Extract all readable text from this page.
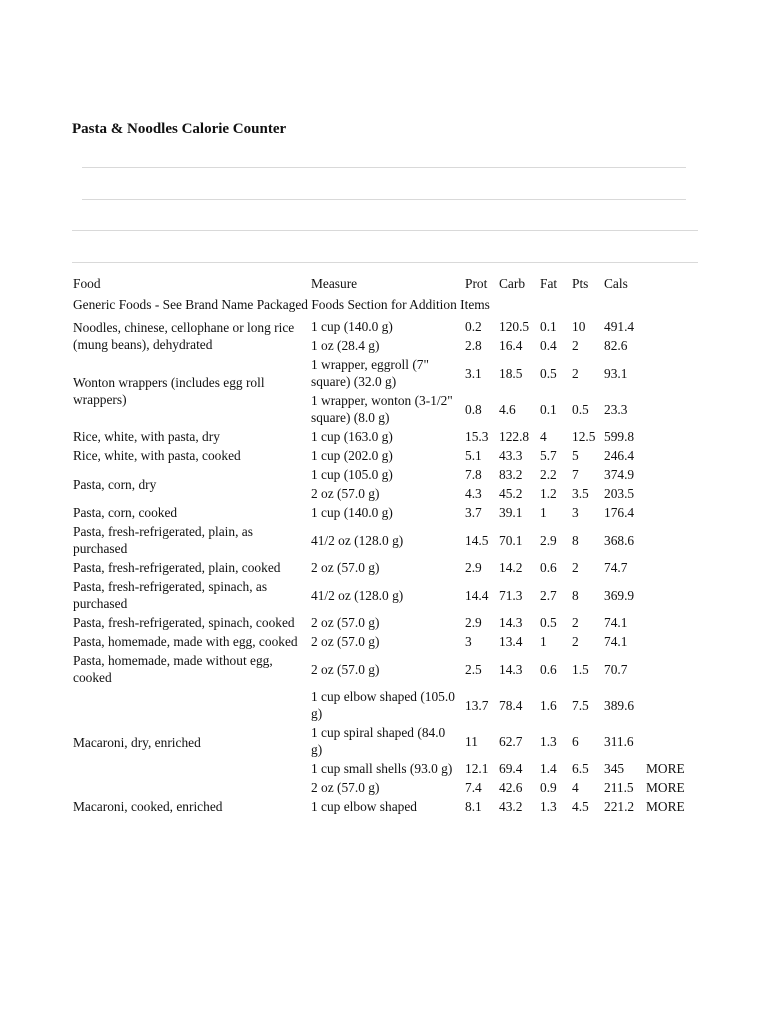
Pasta & Noodles Calorie Counter
Food	Measure	Prot	Carb	Fat	Pts	Cals	
Generic Foods - See Brand Name Packaged Foods Section for Addition Items							
Noodles, chinese, cellophane or long rice (mung beans), dehydrated	1 cup (140.0 g)	0.2	120.5	0.1	10	491.4	
	1 oz (28.4 g)	2.8	16.4	0.4	2	82.6	
Wonton wrappers (includes egg roll wrappers)	1 wrapper, eggroll (7" square) (32.0 g)	3.1	18.5	0.5	2	93.1	
	1 wrapper, wonton (3-1/2" square) (8.0 g)	0.8	4.6	0.1	0.5	23.3	
Rice, white, with pasta, dry	1 cup (163.0 g)	15.3	122.8	4	12.5	599.8	
Rice, white, with pasta, cooked	1 cup (202.0 g)	5.1	43.3	5.7	5	246.4	
Pasta, corn, dry	1 cup (105.0 g)	7.8	83.2	2.2	7	374.9	
	2 oz (57.0 g)	4.3	45.2	1.2	3.5	203.5	
Pasta, corn, cooked	1 cup (140.0 g)	3.7	39.1	1	3	176.4	
Pasta, fresh-refrigerated, plain, as purchased	41/2 oz (128.0 g)	14.5	70.1	2.9	8	368.6	
Pasta, fresh-refrigerated, plain, cooked	2 oz (57.0 g)	2.9	14.2	0.6	2	74.7	
Pasta, fresh-refrigerated, spinach, as purchased	41/2 oz (128.0 g)	14.4	71.3	2.7	8	369.9	
Pasta, fresh-refrigerated, spinach, cooked	2 oz (57.0 g)	2.9	14.3	0.5	2	74.1	
Pasta, homemade, made with egg, cooked	2 oz (57.0 g)	3	13.4	1	2	74.1	
Pasta, homemade, made without egg, cooked	2 oz (57.0 g)	2.5	14.3	0.6	1.5	70.7	
Macaroni, dry, enriched	1 cup elbow shaped (105.0 g)	13.7	78.4	1.6	7.5	389.6	
	1 cup spiral shaped (84.0 g)	11	62.7	1.3	6	311.6	
	1 cup small shells (93.0 g)	12.1	69.4	1.4	6.5	345	MORE
	2 oz (57.0 g)	7.4	42.6	0.9	4	211.5	MORE
Macaroni, cooked, enriched	1 cup elbow shaped	8.1	43.2	1.3	4.5	221.2	MORE
